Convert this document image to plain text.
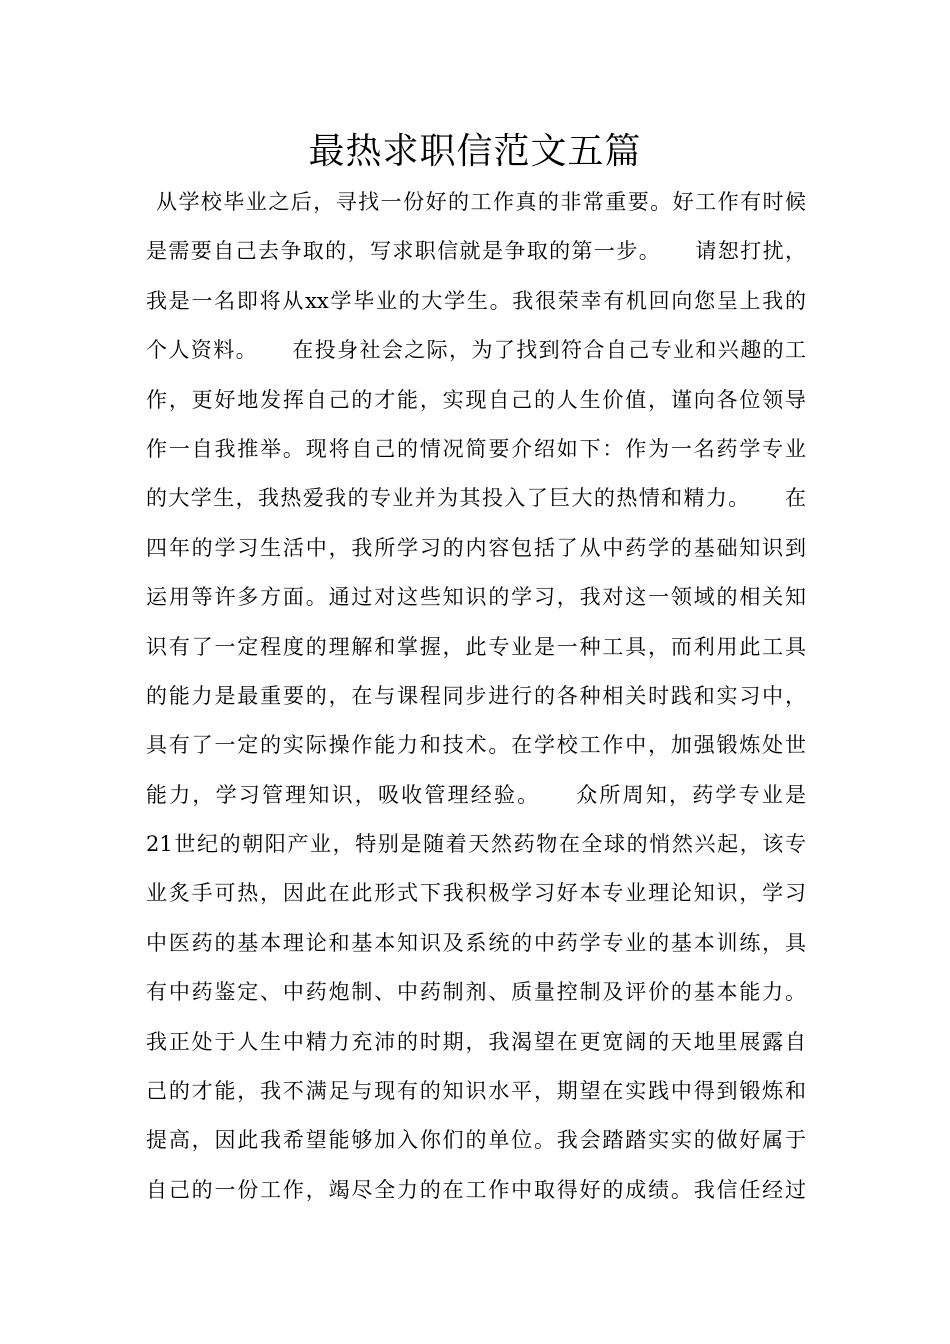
最热求职信范文五篇
从学校毕业之后，寻找一份好的工作真的非常重要。好工作有时候
是需要自己去争取的，写求职信就是争取的第一步。　　请恕打扰，
我是一名即将从xx学毕业的大学生。我很荣幸有机回向您呈上我的
个人资料。　　在投身社会之际，为了找到符合自己专业和兴趣的工
作，更好地发挥自己的才能，实现自己的人生价值，谨向各位领导
作一自我推举。现将自己的情况简要介绍如下：作为一名药学专业
的大学生，我热爱我的专业并为其投入了巨大的热情和精力。　　在
四年的学习生活中，我所学习的内容包括了从中药学的基础知识到
运用等许多方面。通过对这些知识的学习，我对这一领域的相关知
识有了一定程度的理解和掌握，此专业是一种工具，而利用此工具
的能力是最重要的，在与课程同步进行的各种相关时践和实习中，
具有了一定的实际操作能力和技术。在学校工作中，加强锻炼处世
能力，学习管理知识，吸收管理经验。　　众所周知，药学专业是
21世纪的朝阳产业，特别是随着天然药物在全球的悄然兴起，该专
业炙手可热，因此在此形式下我积极学习好本专业理论知识，学习
中医药的基本理论和基本知识及系统的中药学专业的基本训练，具
有中药鉴定、中药炮制、中药制剂、质量控制及评价的基本能力。
我正处于人生中精力充沛的时期，我渴望在更宽阔的天地里展露自
己的才能，我不满足与现有的知识水平，期望在实践中得到锻炼和
提高，因此我希望能够加入你们的单位。我会踏踏实实的做好属于
自己的一份工作，竭尽全力的在工作中取得好的成绩。我信任经过
